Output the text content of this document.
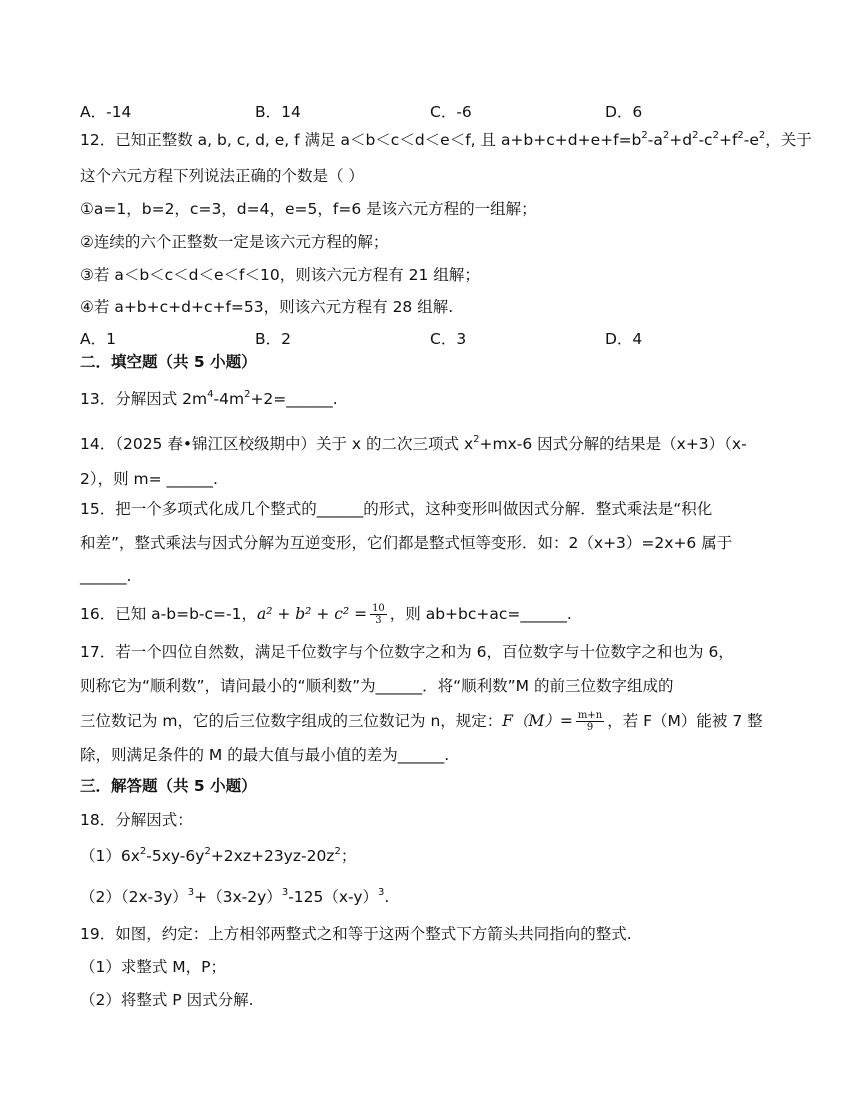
A．-14	B．14	C．-6	D．6
12．已知正整数 a, b, c, d, e, f 满足 a＜b＜c＜d＜e＜f, 且 $a+b+c+d+e+f=b^2-a^2+d^2-c^2+f^2-e^2$，关于
这个六元方程下列说法正确的个数是（ ）
①a=1，b=2，c=3，d=4，e=5，f=6 是该六元方程的一组解；
②连续的六个正整数一定是该六元方程的解；
③若 a＜b＜c＜d＜e＜f＜10，则该六元方程有 21 组解；
④若 a+b+c+d+c+f=53，则该六元方程有 28 组解.
A．1	B．2	C．3	D．4
二．填空题（共 5 小题）
13．分解因式 $2m^4-4m^2+2=\_\_\_\_\_\_$.
14．（2025 春•锦江区校级期中）关于 x 的二次三项式 $x^2+mx-6$ 因式分解的结果是（x+3）（x-
2），则 m= ______.
15．把一个多项式化成几个整式的______的形式，这种变形叫做因式分解．整式乘法是“积化
和差”，整式乘法与因式分解为互逆变形，它们都是整式恒等变形．如：2（x+3）=2x+6 属于
______.
16．已知 a-b=b-c=-1，$a^2 + b^2 + c^2 = \frac{10}{3}$ ，则 ab+bc+ac=______.
17．若一个四位自然数，满足千位数字与个位数字之和为 6，百位数字与十位数字之和也为 6，
则称它为“顺利数”，请问最小的“顺利数”为______．将“顺利数”M 的前三位数字组成的
三位数记为 m，它的后三位数字组成的三位数记为 n，规定：$F(M)= \frac{m+n}{9}$ ，若 F（M）能被 7 整
除，则满足条件的 M 的最大值与最小值的差为______.
三．解答题（共 5 小题）
18．分解因式：
$(1)6x^2-5xy-6y^2+2xz+23yz-20z^2$；
$(2)(2x-3y)^3+(3x-2y)^3-125(x-y)^3$.
19．如图，约定：上方相邻两整式之和等于这两个整式下方箭头共同指向的整式.
（1）求整式 M，P；
（2）将整式 P 因式分解.
